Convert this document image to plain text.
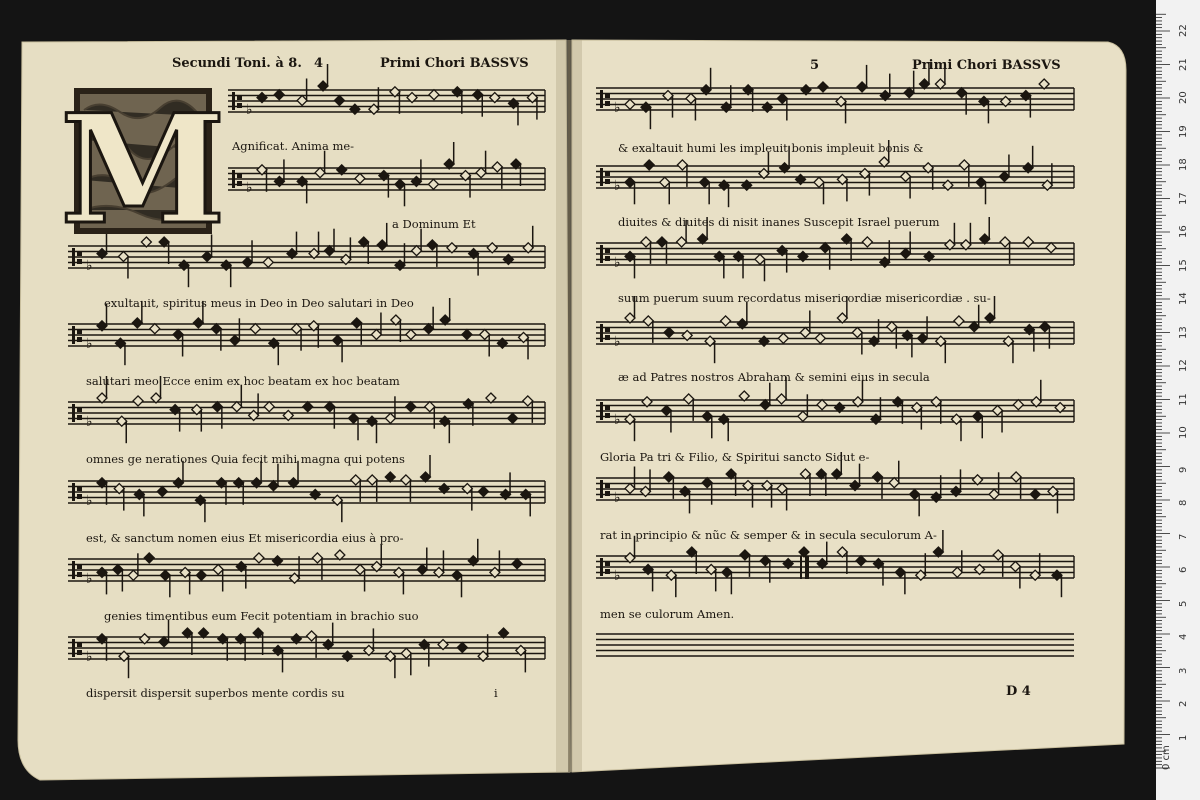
♭
♭
♭
♭
♭
♭
♭
♭
♭
♭
♭
♭
♭
♭
♭
M
Secundi Toni. à 8. 4	Primi Chori BASSVS
Agnificat. Anima me-
a Dominum Et
exultauit, spiritus meus in Deo in Deo salutari in Deo
salutari meo Ecce enim ex hoc beatam ex hoc beatam
omnes ge nerationes Quia fecit mihi magna qui potens
est, & sanctum nomen eius Et misericordia eius à pro-
genies timentibus eum Fecit potentiam in brachio suo
dispersit dispersit superbos mente cordis su	i
5	Primi Chori BASSVS
& exaltauit humi les impleuit bonis impleuit bonis &
diuites & diuites di nisit inanes Suscepit Israel puerum
suum puerum suum recordatus misericordiæ misericordiæ . su-
æ ad Patres nostros Abraham & semini eius in secula
Gloria Pa tri & Filio, & Spiritui sancto Sicut e-
rat in principio & nũc & semper & in secula seculorum A-
men se culorum Amen.
D 4
0 cm
1
2
3
4
5
6
7
8
9
10
11
12
13
14
15
16
17
18
19
20
21
22
